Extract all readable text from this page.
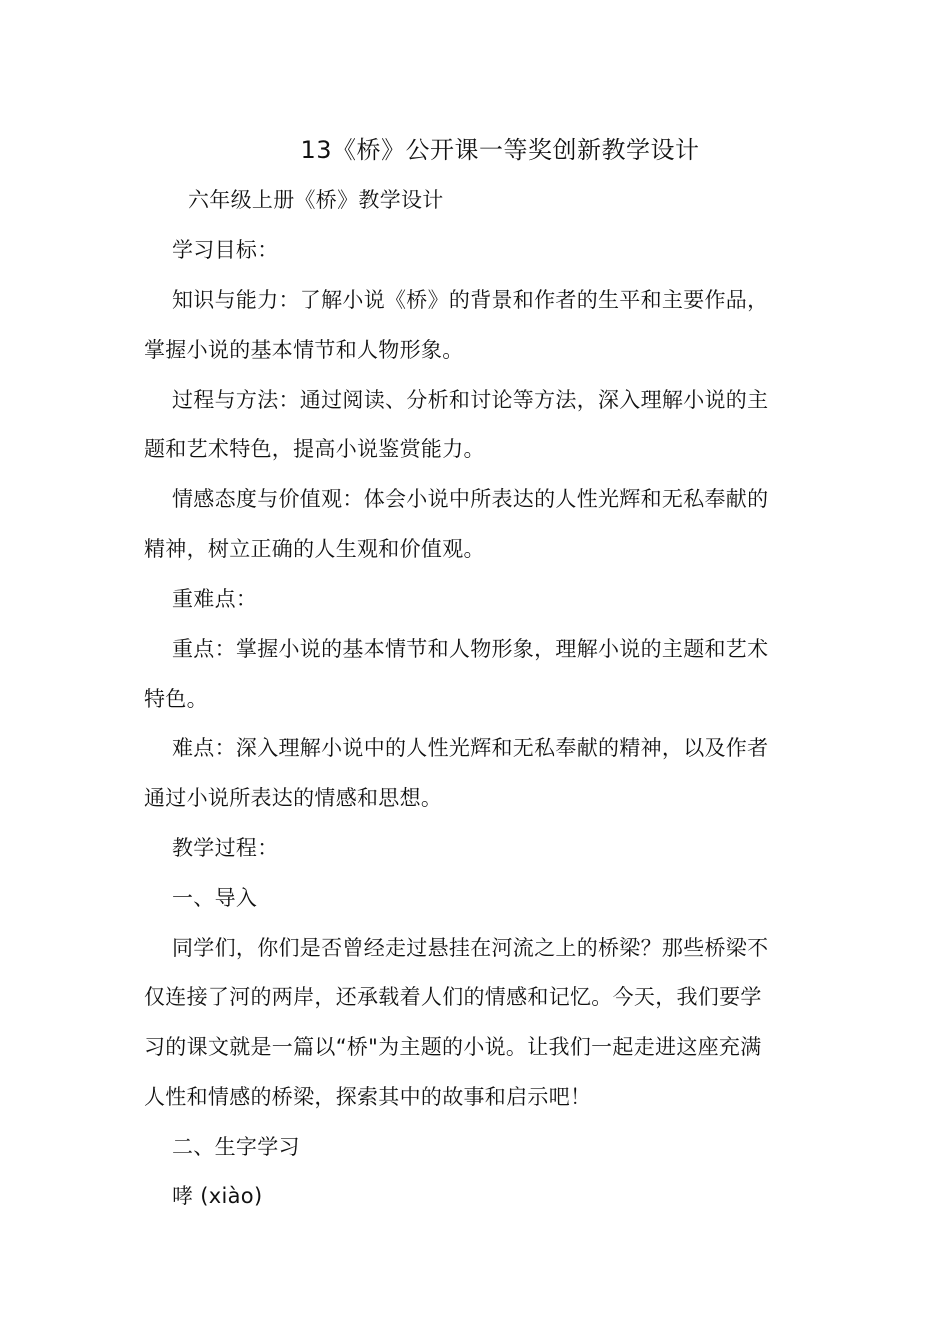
13《桥》公开课一等奖创新教学设计
六年级上册《桥》教学设计
学习目标：
知识与能力：了解小说《桥》的背景和作者的生平和主要作品，
掌握小说的基本情节和人物形象。
过程与方法：通过阅读、分析和讨论等方法，深入理解小说的主
题和艺术特色，提高小说鉴赏能力。
情感态度与价值观：体会小说中所表达的人性光辉和无私奉献的
精神，树立正确的人生观和价值观。
重难点：
重点：掌握小说的基本情节和人物形象，理解小说的主题和艺术
特色。
难点：深入理解小说中的人性光辉和无私奉献的精神，以及作者
通过小说所表达的情感和思想。
教学过程：
一、导入
同学们，你们是否曾经走过悬挂在河流之上的桥梁？那些桥梁不
仅连接了河的两岸，还承载着人们的情感和记忆。今天，我们要学
习的课文就是一篇以“桥"为主题的小说。让我们一起走进这座充满
人性和情感的桥梁，探索其中的故事和启示吧！
二、生字学习
哮 (xiào)
